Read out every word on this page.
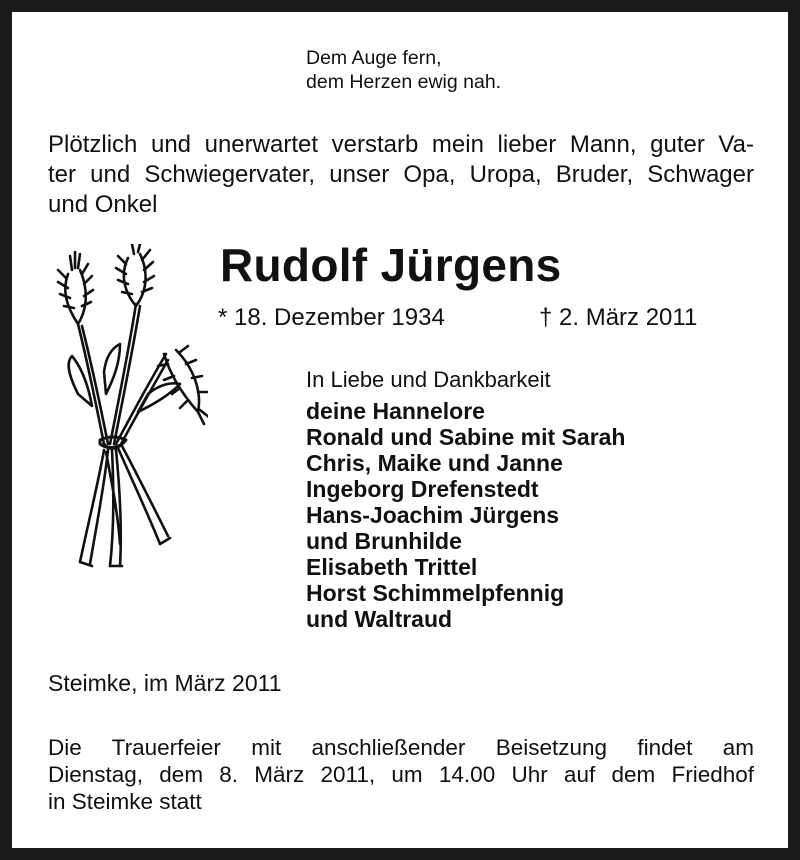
Dem Auge fern,
dem Herzen ewig nah.
Plötzlich und unerwartet verstarb mein lieber Mann, guter Va-
ter und Schwiegervater, unser Opa, Uropa, Bruder, Schwager
und Onkel
Rudolf Jürgens
* 18. Dezember 1934	† 2. März 2011
In Liebe und Dankbarkeit
deine Hannelore
Ronald und Sabine mit Sarah
Chris, Maike und Janne
Ingeborg Drefenstedt
Hans-Joachim Jürgens
und Brunhilde
Elisabeth Trittel
Horst Schimmelpfennig
und Waltraud
Steimke, im März 2011
Die Trauerfeier mit anschließender Beisetzung findet am
Dienstag, dem 8. März 2011, um 14.00 Uhr auf dem Friedhof
in Steimke statt
